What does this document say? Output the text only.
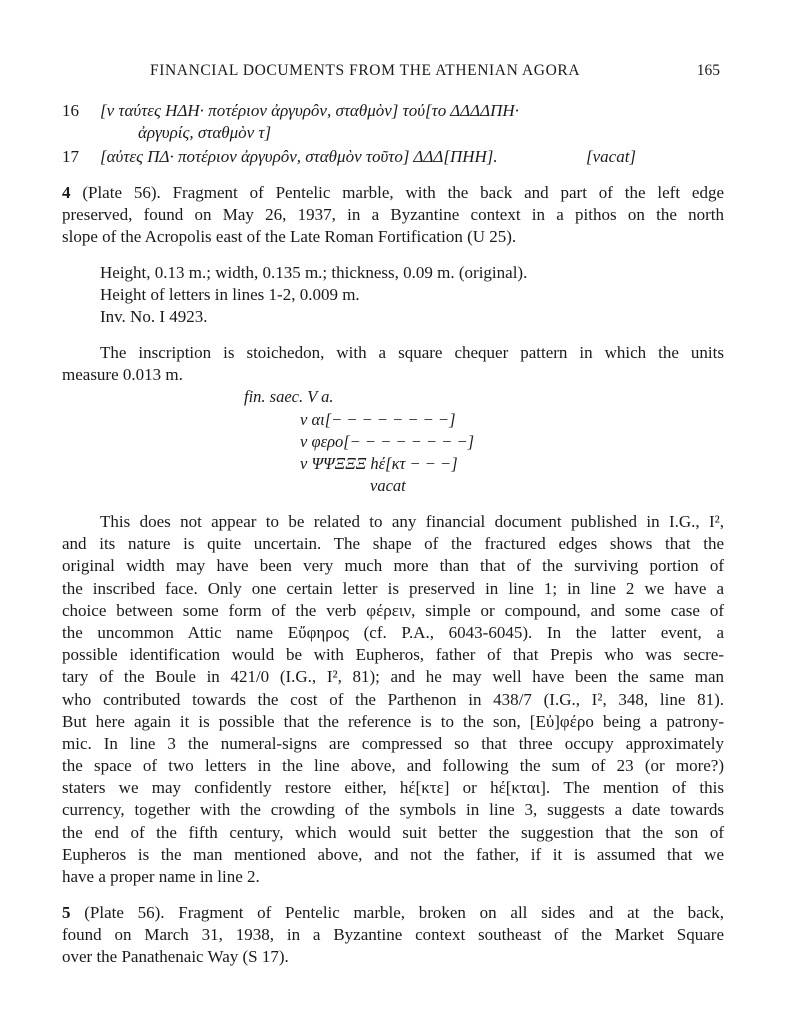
FINANCIAL DOCUMENTS FROM THE ATHENIAN AGORA	165
16 [ν ταύτες ΗΔΗ· ποτέριον ἀργυρôν, σταθμὸν] τού[το ΔΔΔΔΠΗ·
ἀργυρίς, σταθμὸν τ]
17 [αὐτες ΠΔ· ποτέριον ἀργυρôν, σταθμὸν τοῦτο] ΔΔΔ[ΠΗΗ].	[vacat]
4 (Plate 56). Fragment of Pentelic marble, with the back and part of the left edge
preserved, found on May 26, 1937, in a Byzantine context in a pithos on the north
slope of the Acropolis east of the Late Roman Fortification (U 25).
Height, 0.13 m.; width, 0.135 m.; thickness, 0.09 m. (original).
Height of letters in lines 1-2, 0.009 m.
Inv. No. I 4923.
The inscription is stoichedon, with a square chequer pattern in which the units
measure 0.013 m.
fin. saec. V a.
v αι[− − − − − − − −]
v φερο[− − − − − − − −]
v ΨΨΞΞΞ hέ[κτ − − −]
vacat
This does not appear to be related to any financial document published in I.G., I²,
and its nature is quite uncertain. The shape of the fractured edges shows that the
original width may have been very much more than that of the surviving portion of
the inscribed face. Only one certain letter is preserved in line 1; in line 2 we have a
choice between some form of the verb φέρειν, simple or compound, and some case of
the uncommon Attic name Εὔφηρος (cf. P.A., 6043-6045). In the latter event, a
possible identification would be with Eupheros, father of that Prepis who was secre-
tary of the Boule in 421/0 (I.G., I², 81); and he may well have been the same man
who contributed towards the cost of the Parthenon in 438/7 (I.G., I², 348, line 81).
But here again it is possible that the reference is to the son, [Εὐ]φέρο being a patrony-
mic. In line 3 the numeral-signs are compressed so that three occupy approximately
the space of two letters in the line above, and following the sum of 23 (or more?)
staters we may confidently restore either, hέ[κτε] or hέ[κται]. The mention of this
currency, together with the crowding of the symbols in line 3, suggests a date towards
the end of the fifth century, which would suit better the suggestion that the son of
Eupheros is the man mentioned above, and not the father, if it is assumed that we
have a proper name in line 2.
5 (Plate 56). Fragment of Pentelic marble, broken on all sides and at the back,
found on March 31, 1938, in a Byzantine context southeast of the Market Square
over the Panathenaic Way (S 17).
